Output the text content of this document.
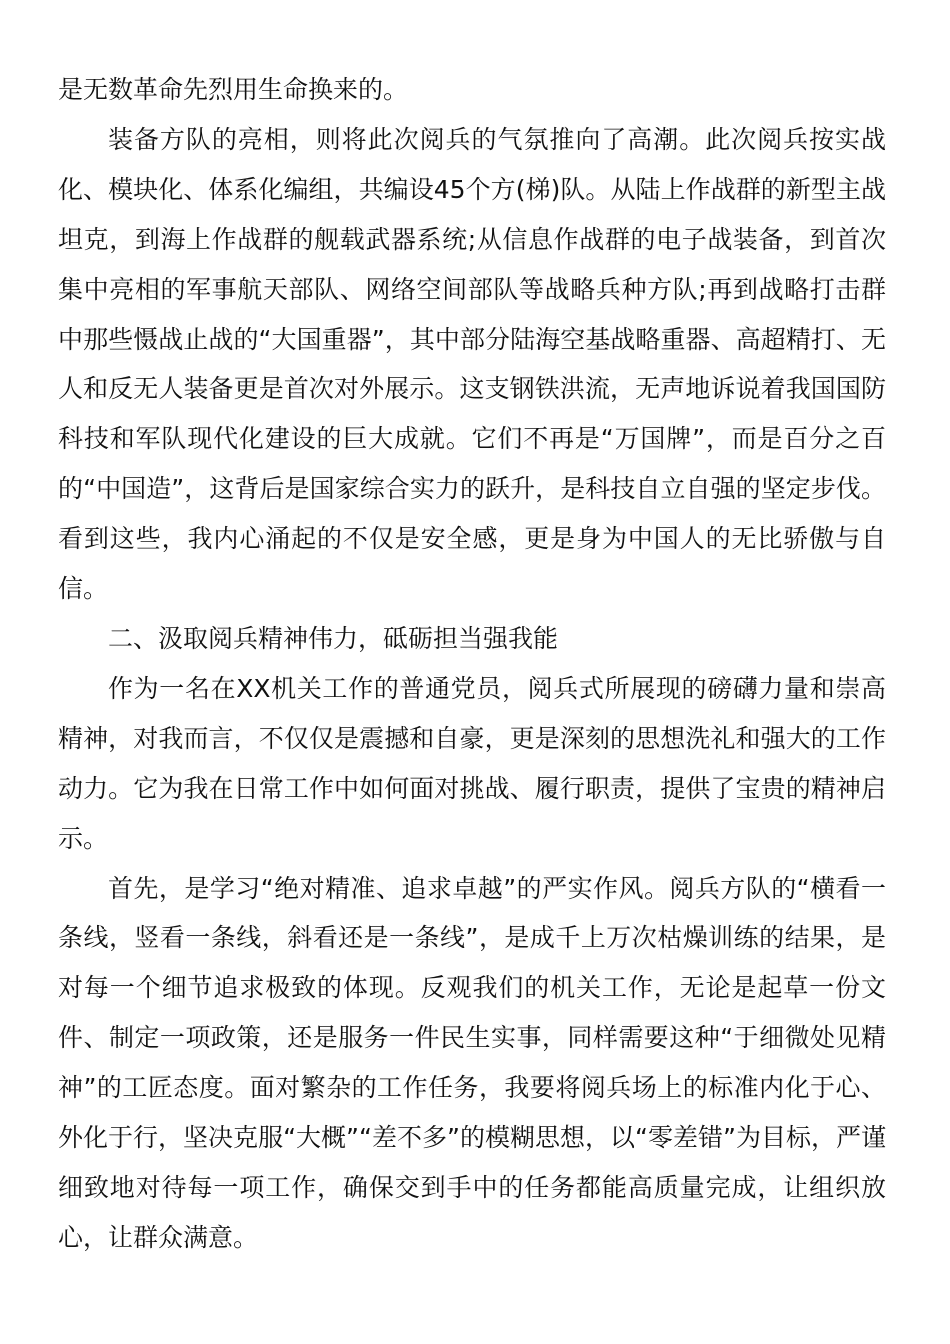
是无数革命先烈用生命换来的。

装备方队的亮相，则将此次阅兵的气氛推向了高潮。此次阅兵按实战化、模块化、体系化编组，共编设45个方(梯)队。从陆上作战群的新型主战坦克，到海上作战群的舰载武器系统;从信息作战群的电子战装备，到首次集中亮相的军事航天部队、网络空间部队等战略兵种方队;再到战略打击群中那些慑战止战的“大国重器”，其中部分陆海空基战略重器、高超精打、无人和反无人装备更是首次对外展示。这支钢铁洪流，无声地诉说着我国国防科技和军队现代化建设的巨大成就。它们不再是“万国牌”，而是百分之百的“中国造”，这背后是国家综合实力的跃升，是科技自立自强的坚定步伐。看到这些，我内心涌起的不仅是安全感，更是身为中国人的无比骄傲与自信。

二、汲取阅兵精神伟力，砥砺担当强我能

作为一名在XX机关工作的普通党员，阅兵式所展现的磅礴力量和崇高精神，对我而言，不仅仅是震撼和自豪，更是深刻的思想洗礼和强大的工作动力。它为我在日常工作中如何面对挑战、履行职责，提供了宝贵的精神启示。

首先，是学习“绝对精准、追求卓越”的严实作风。阅兵方队的“横看一条线，竖看一条线，斜看还是一条线”，是成千上万次枯燥训练的结果，是对每一个细节追求极致的体现。反观我们的机关工作，无论是起草一份文件、制定一项政策，还是服务一件民生实事，同样需要这种“于细微处见精神”的工匠态度。面对繁杂的工作任务，我要将阅兵场上的标准内化于心、外化于行，坚决克服“大概”“差不多”的模糊思想，以“零差错”为目标，严谨细致地对待每一项工作，确保交到手中的任务都能高质量完成，让组织放心，让群众满意。
